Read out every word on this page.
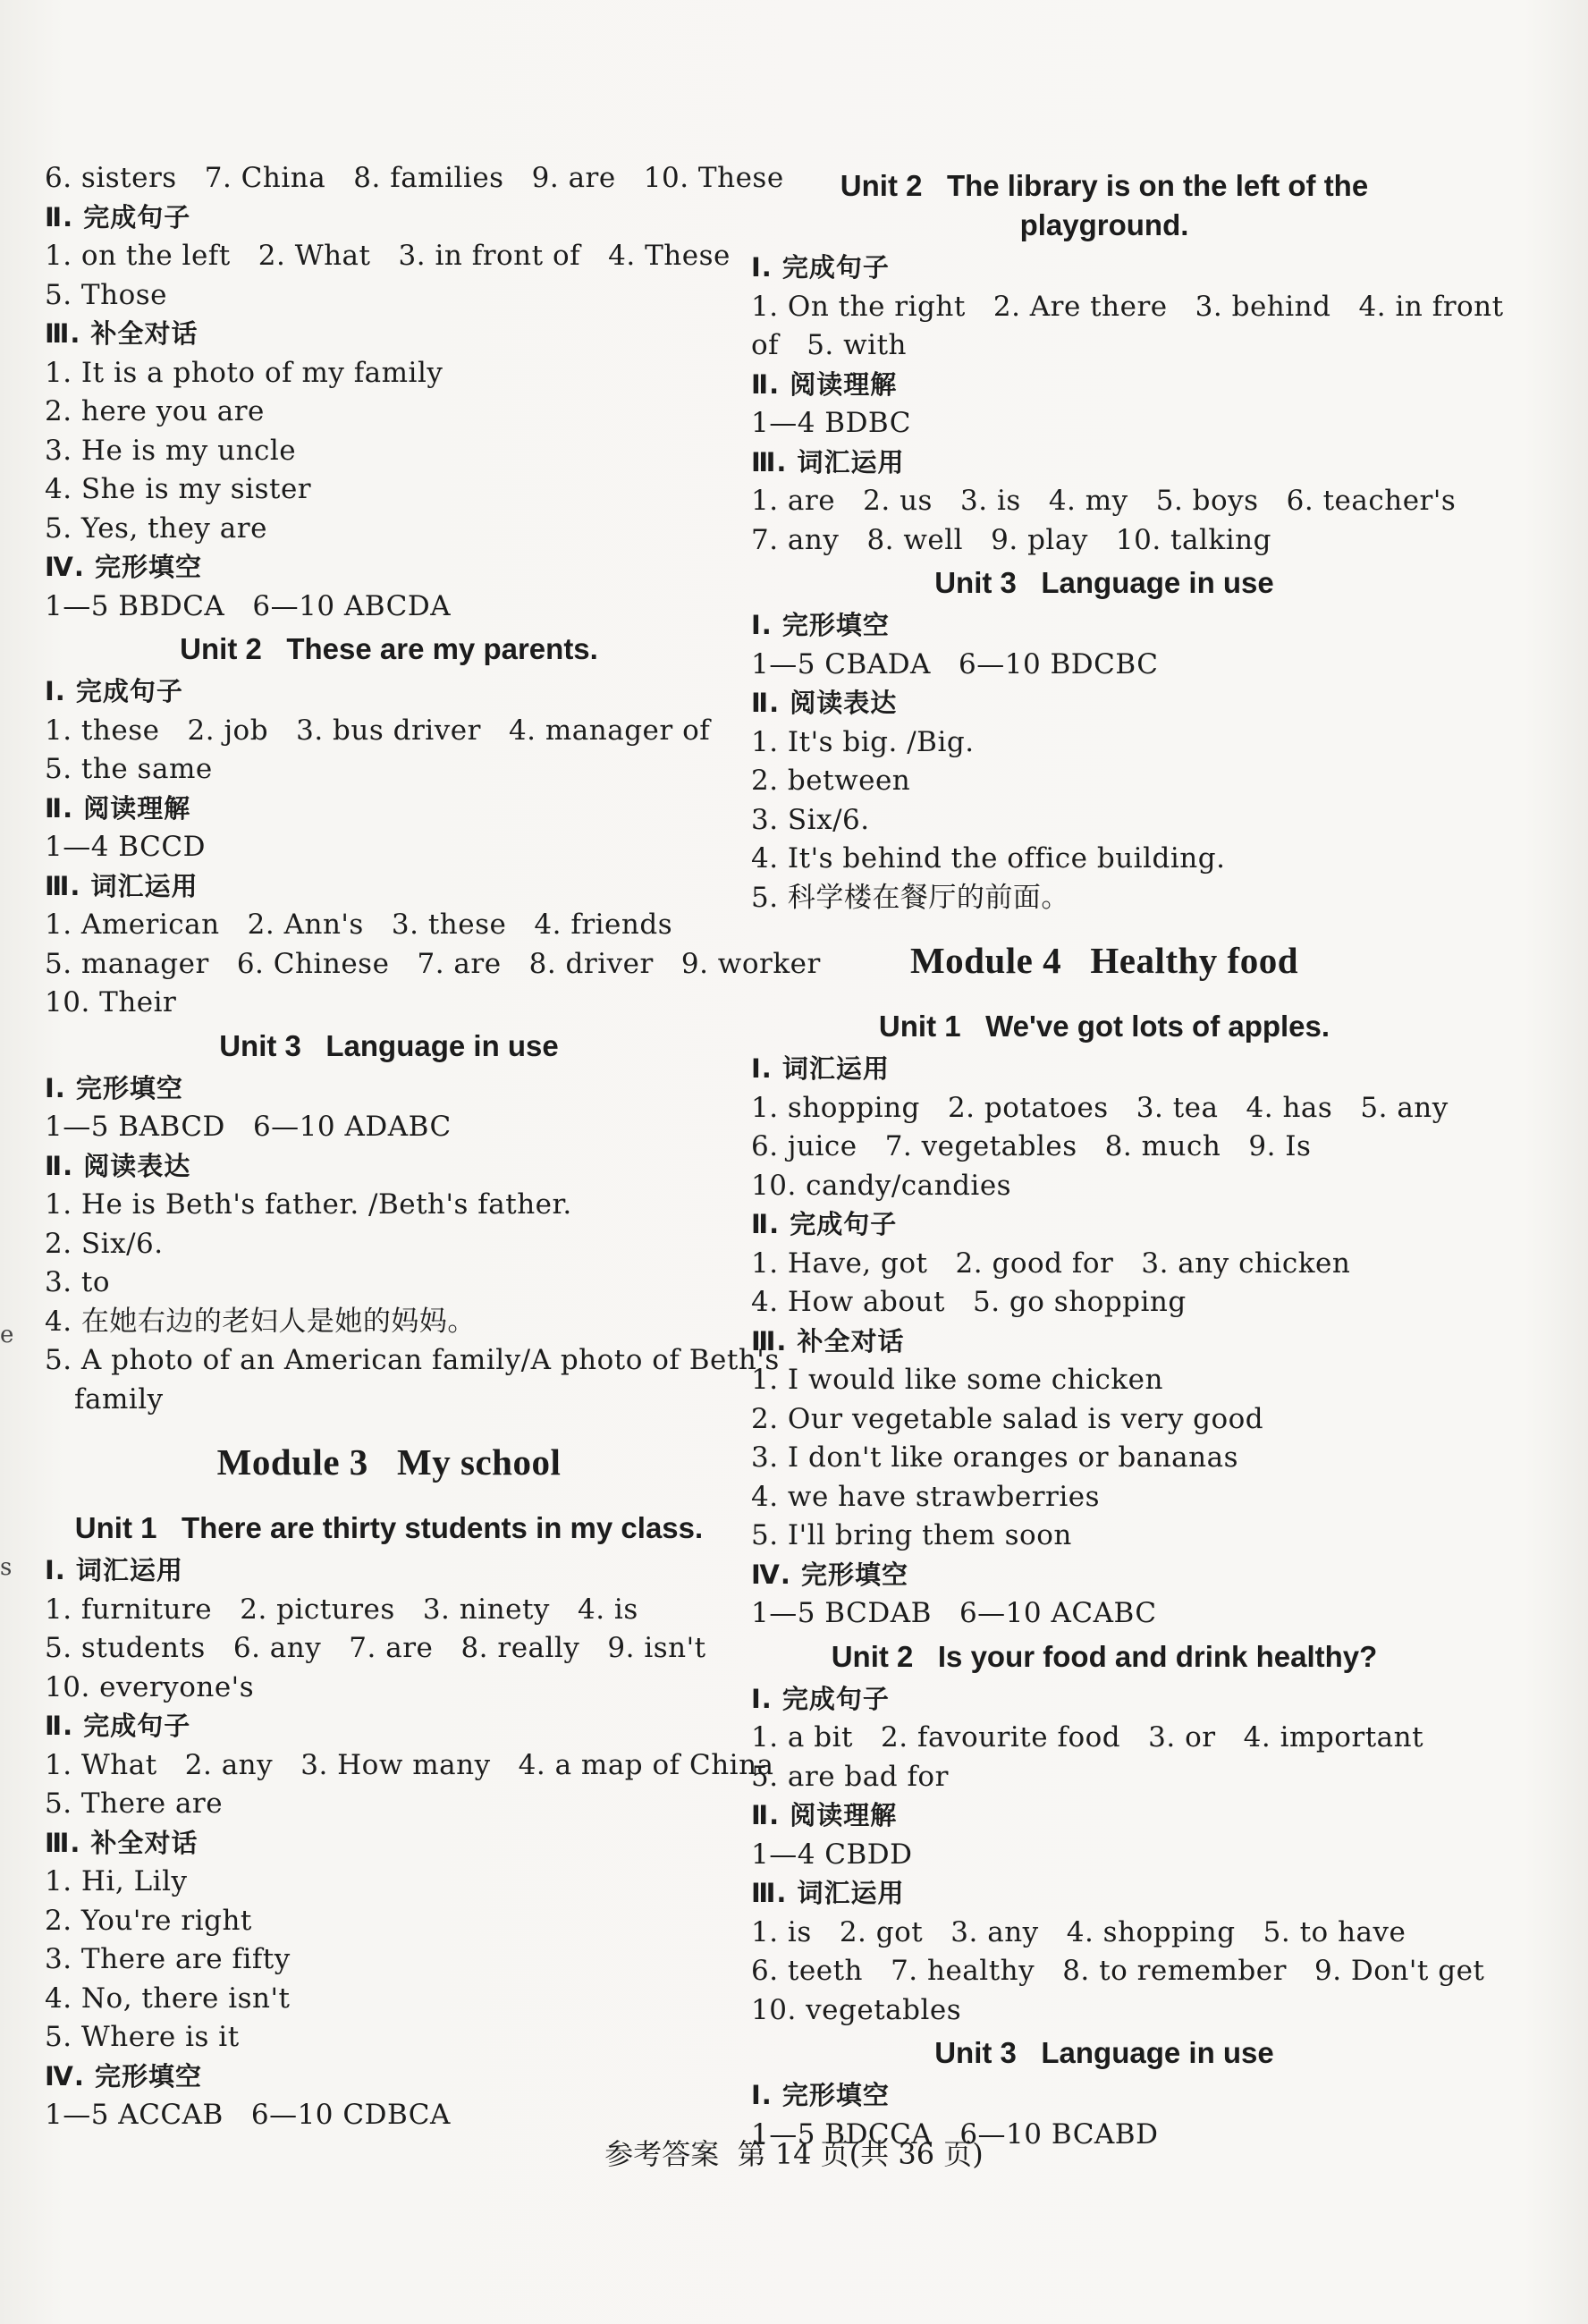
6. sisters   7. China   8. families   9. are   10. These
Ⅱ. 完成句子
1. on the left   2. What   3. in front of   4. These
5. Those
Ⅲ. 补全对话
1. It is a photo of my family
2. here you are
3. He is my uncle
4. She is my sister
5. Yes, they are
Ⅳ. 完形填空
1—5 BBDCA   6—10 ABCDA
Unit 2   These are my parents.
Ⅰ. 完成句子
1. these   2. job   3. bus driver   4. manager of
5. the same
Ⅱ. 阅读理解
1—4 BCCD
Ⅲ. 词汇运用
1. American   2. Ann's   3. these   4. friends
5. manager   6. Chinese   7. are   8. driver   9. worker
10. Their
Unit 3   Language in use
Ⅰ. 完形填空
1—5 BABCD   6—10 ADABC
Ⅱ. 阅读表达
1. He is Beth's father. /Beth's father.
2. Six/6.
3. to
4. 在她右边的老妇人是她的妈妈。
5. A photo of an American family/A photo of Beth's
family
Module 3   My school
Unit 1   There are thirty students in my class.
Ⅰ. 词汇运用
1. furniture   2. pictures   3. ninety   4. is
5. students   6. any   7. are   8. really   9. isn't
10. everyone's
Ⅱ. 完成句子
1. What   2. any   3. How many   4. a map of China
5. There are
Ⅲ. 补全对话
1. Hi, Lily
2. You're right
3. There are fifty
4. No, there isn't
5. Where is it
Ⅳ. 完形填空
1—5 ACCAB   6—10 CDBCA
Unit 2   The library is on the left of the
playground.
Ⅰ. 完成句子
1. On the right   2. Are there   3. behind   4. in front
of   5. with
Ⅱ. 阅读理解
1—4 BDBC
Ⅲ. 词汇运用
1. are   2. us   3. is   4. my   5. boys   6. teacher's
7. any   8. well   9. play   10. talking
Unit 3   Language in use
Ⅰ. 完形填空
1—5 CBADA   6—10 BDCBC
Ⅱ. 阅读表达
1. It's big. /Big.
2. between
3. Six/6.
4. It's behind the office building.
5. 科学楼在餐厅的前面。
Module 4   Healthy food
Unit 1   We've got lots of apples.
Ⅰ. 词汇运用
1. shopping   2. potatoes   3. tea   4. has   5. any
6. juice   7. vegetables   8. much   9. Is
10. candy/candies
Ⅱ. 完成句子
1. Have, got   2. good for   3. any chicken
4. How about   5. go shopping
Ⅲ. 补全对话
1. I would like some chicken
2. Our vegetable salad is very good
3. I don't like oranges or bananas
4. we have strawberries
5. I'll bring them soon
Ⅳ. 完形填空
1—5 BCDAB   6—10 ACABC
Unit 2   Is your food and drink healthy?
Ⅰ. 完成句子
1. a bit   2. favourite food   3. or   4. important
5. are bad for
Ⅱ. 阅读理解
1—4 CBDD
Ⅲ. 词汇运用
1. is   2. got   3. any   4. shopping   5. to have
6. teeth   7. healthy   8. to remember   9. Don't get
10. vegetables
Unit 3   Language in use
Ⅰ. 完形填空
1—5 BDCCA   6—10 BCABD
e
s
参考答案  第 14 页(共 36 页)
